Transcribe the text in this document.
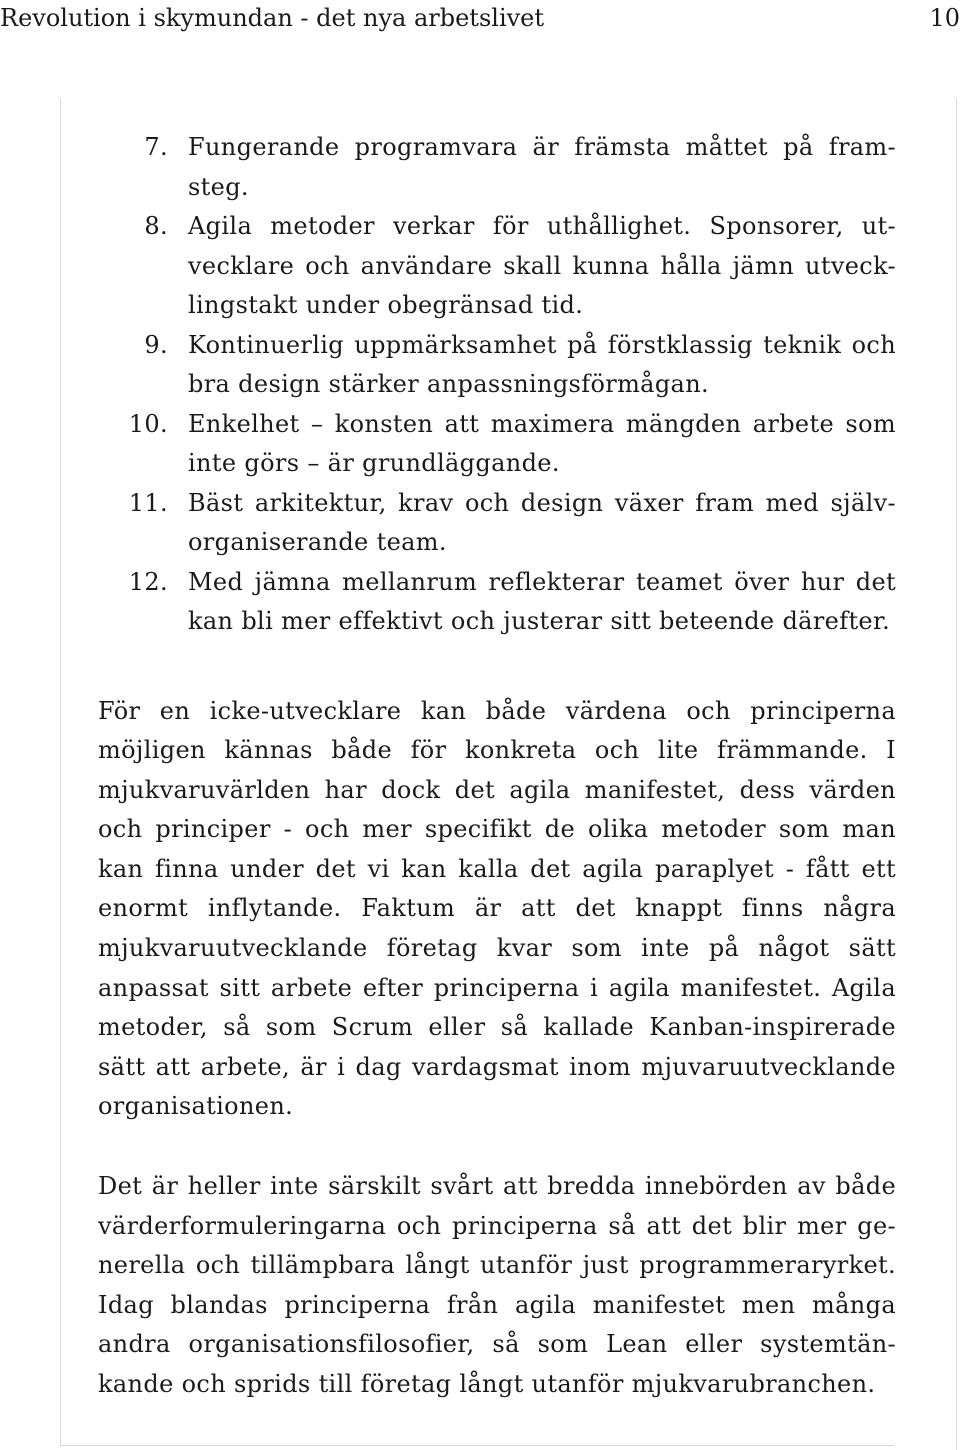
Revolution i skymundan - det nya arbetslivet	10
7. Fungerande programvara är främsta måttet på fram-steg.
8. Agila metoder verkar för uthållighet. Sponsorer, ut-vecklare och användare skall kunna hålla jämn utveck-lingstakt under obegränsad tid.
9. Kontinuerlig uppmärksamhet på förstklassig teknik och bra design stärker anpassningsförmågan.
10. Enkelhet – konsten att maximera mängden arbete som inte görs – är grundläggande.
11. Bäst arkitektur, krav och design växer fram med själv-organiserande team.
12. Med jämna mellanrum reflekterar teamet över hur det kan bli mer effektivt och justerar sitt beteende därefter.

För en icke-utvecklare kan både värdena och principerna möjligen kännas både för konkreta och lite främmande. I mjukvaruvärlden har dock det agila manifestet, dess värden och principer - och mer specifikt de olika metoder som man kan finna under det vi kan kalla det agila paraplyet - fått ett enormt inflytande. Faktum är att det knappt finns några mjukvaruutvecklande företag kvar som inte på något sätt anpassat sitt arbete efter principerna i agila manifestet. Agila metoder, så som Scrum eller så kallade Kanban-inspirerade sätt att arbete, är i dag vardagsmat inom mjuvaruutvecklande organisationen.

Det är heller inte särskilt svårt att bredda innebörden av både värderformuleringarna och principerna så att det blir mer ge-nerella och tillämpbara långt utanför just programmeraryrket. Idag blandas principerna från agila manifestet men många andra organisationsfilosofier, så som Lean eller systemtän-kande och sprids till företag långt utanför mjukvarubranchen.
